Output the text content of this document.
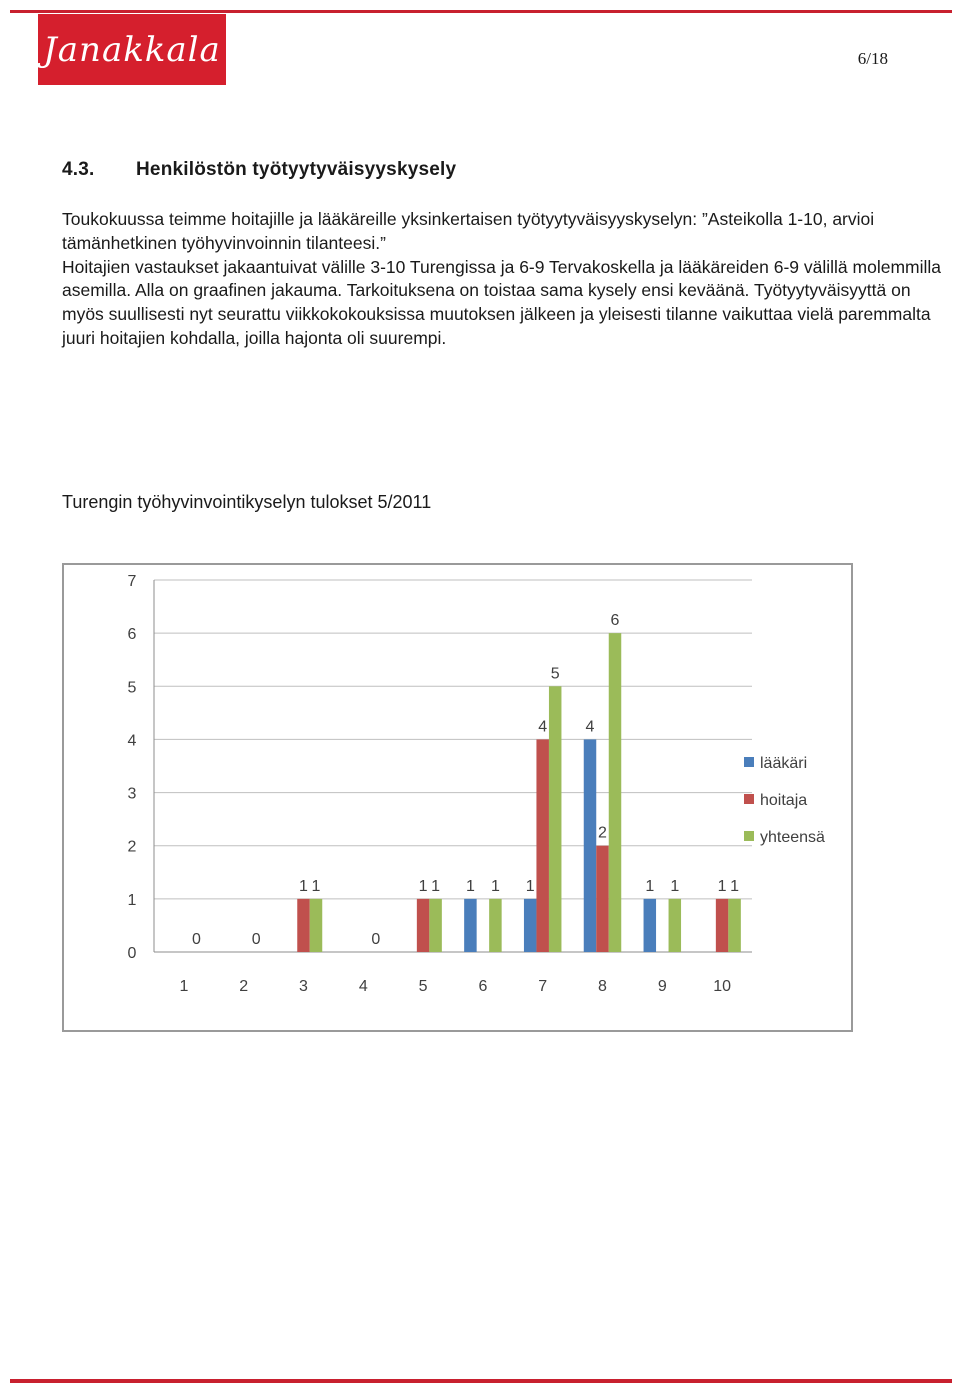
Janakkala	6/18
4.3. Henkilöstön työtyytyväisyyskysely

Toukokuussa teimme hoitajille ja lääkäreille yksinkertaisen työtyytyväisyyskyselyn: ”Asteikolla 1-10, arvioi tämänhetkinen työhyvinvoinnin tilanteesi.”

Hoitajien vastaukset jakaantuivat välille 3-10 Turengissa ja 6-9 Tervakoskella ja lääkäreiden 6-9 välillä molemmilla asemilla. Alla on graafinen jakauma. Tarkoituksena on toistaa sama kysely ensi keväänä. Työtyytyväisyyttä on myös suullisesti nyt seurattu viikkokokouksissa muutoksen jälkeen ja yleisesti tilanne vaikuttaa vielä paremmalta juuri hoitajien kohdalla, joilla hajonta oli suurempi.

Turengin työhyvinvointikyselyn tulokset 5/2011
0
1
2
3
4
5
6
7
1	2	3	4	5	6	7	8	9	10
1	1
4
1
1	1
4
2
1
0	0
1
0
1	1
5
6
1	1
lääkäri
hoitaja
yhteensä
